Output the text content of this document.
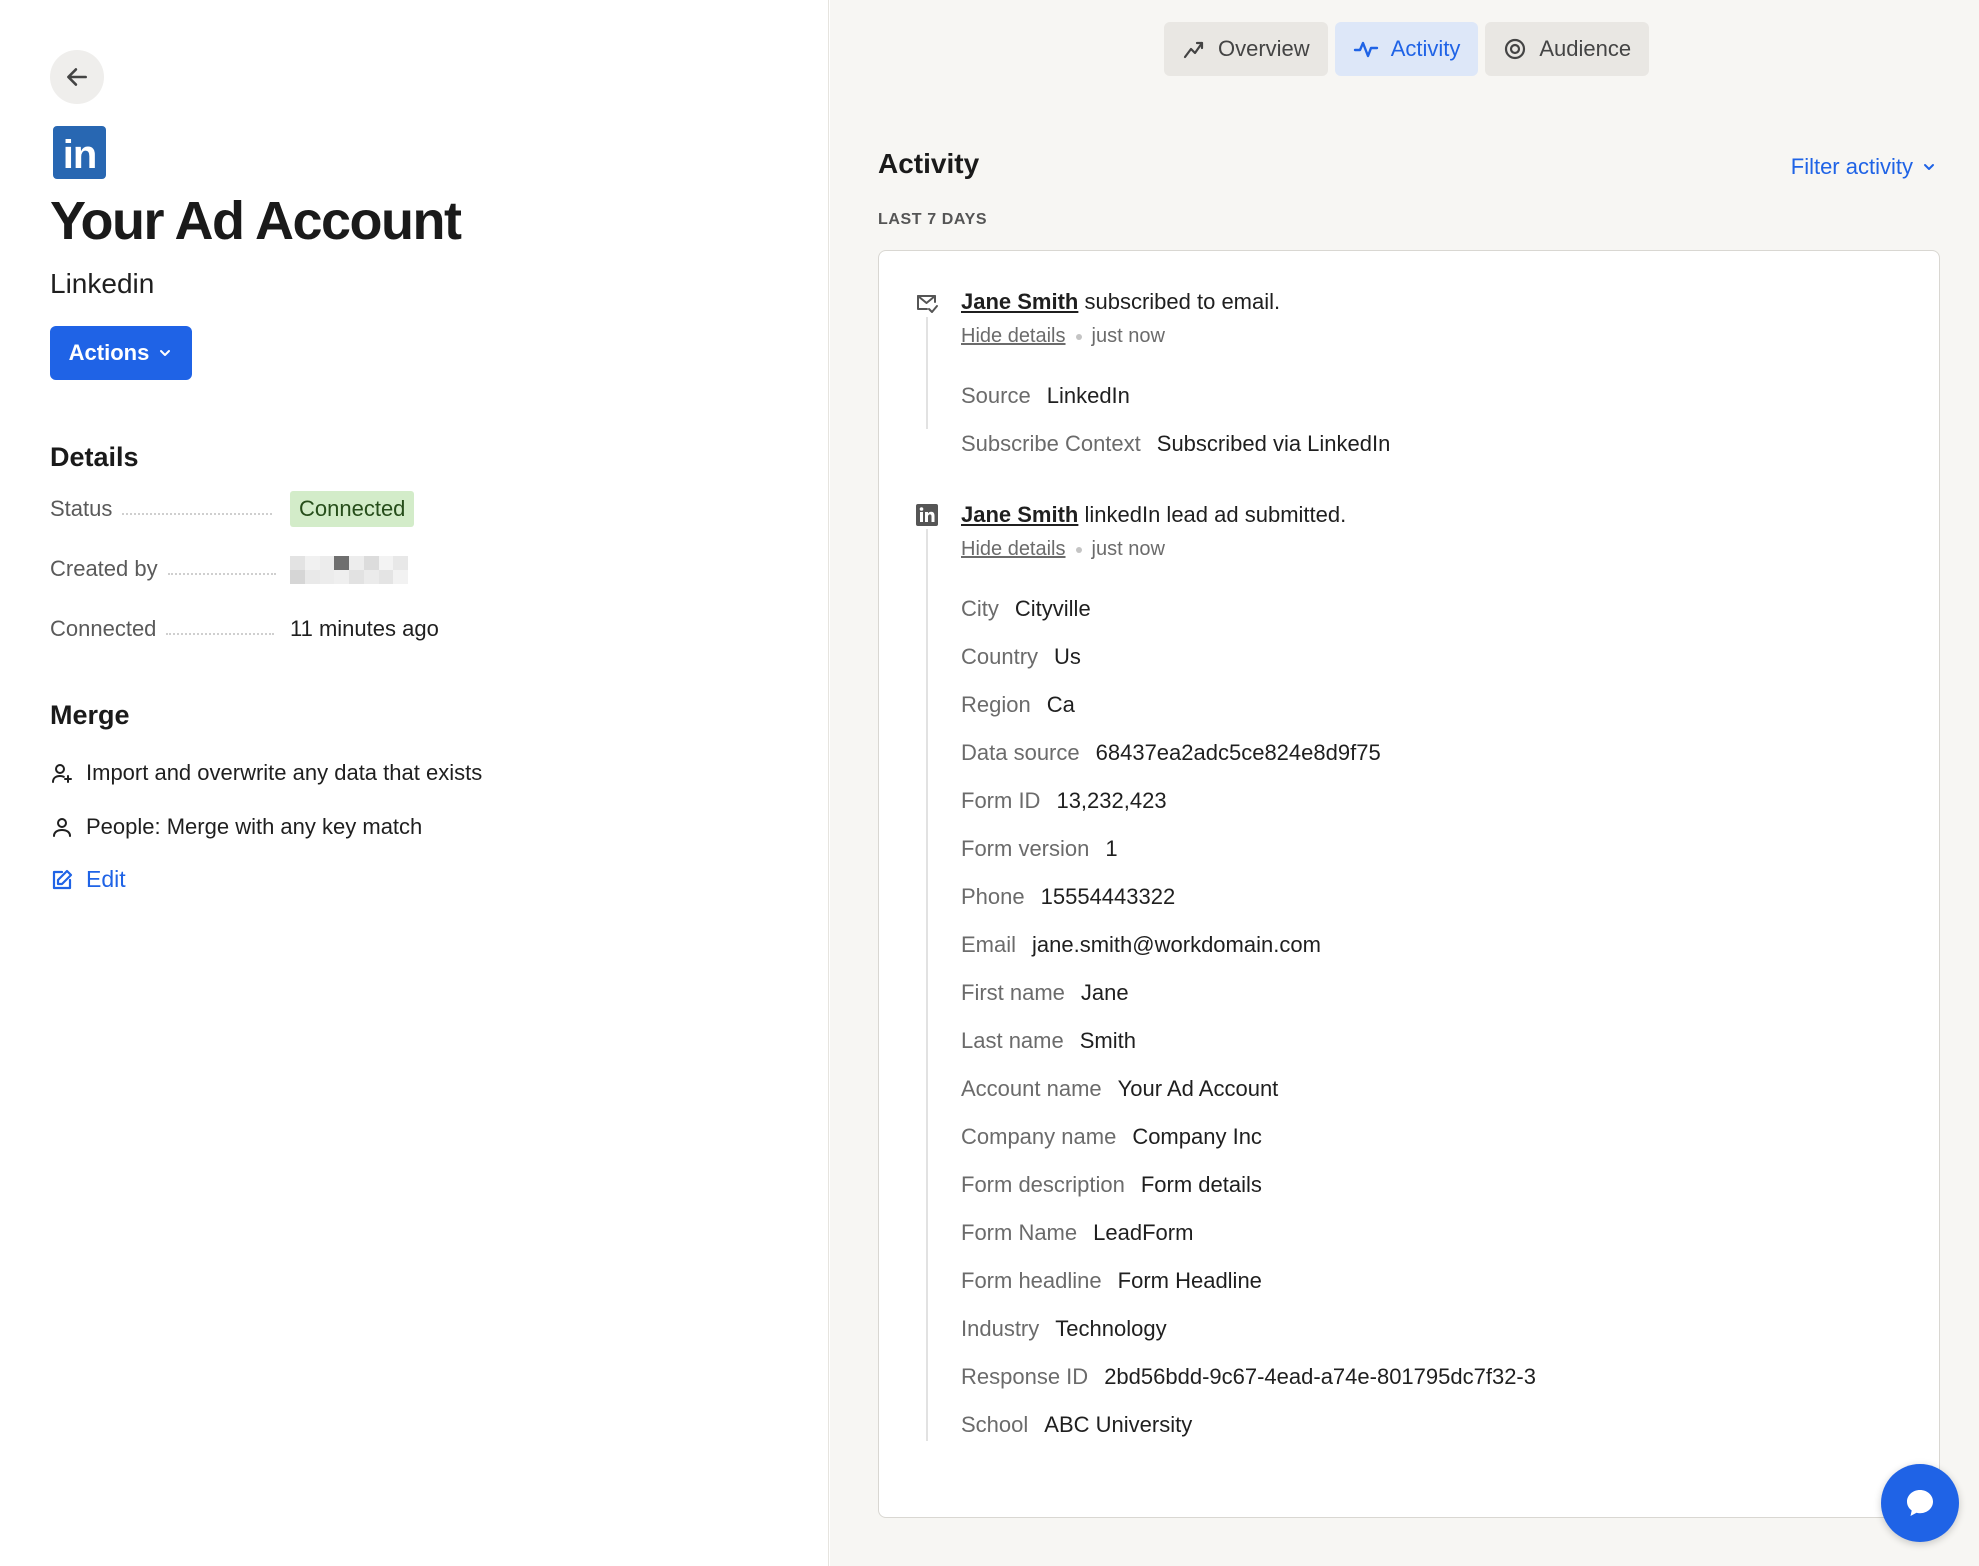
in
Your Ad Account
Linkedin
Actions
Details
Status	Connected
Created by
Connected	11 minutes ago
Merge
Import and overwrite any data that exists
People: Merge with any key match
Edit
Overview	Activity	Audience
Activity	Filter activity
LAST 7 DAYS
Jane Smith subscribed to email.
Hide details just now
Source LinkedIn
Subscribe Context Subscribed via LinkedIn
Jane Smith linkedIn lead ad submitted.
Hide details just now
City Cityville
Country Us
Region Ca
Data source 68437ea2adc5ce824e8d9f75
Form ID 13,232,423
Form version 1
Phone 15554443322
Email jane.smith@workdomain.com
First name Jane
Last name Smith
Account name Your Ad Account
Company name Company Inc
Form description Form details
Form Name LeadForm
Form headline Form Headline
Industry Technology
Response ID 2bd56bdd-9c67-4ead-a74e-801795dc7f32-3
School ABC University
